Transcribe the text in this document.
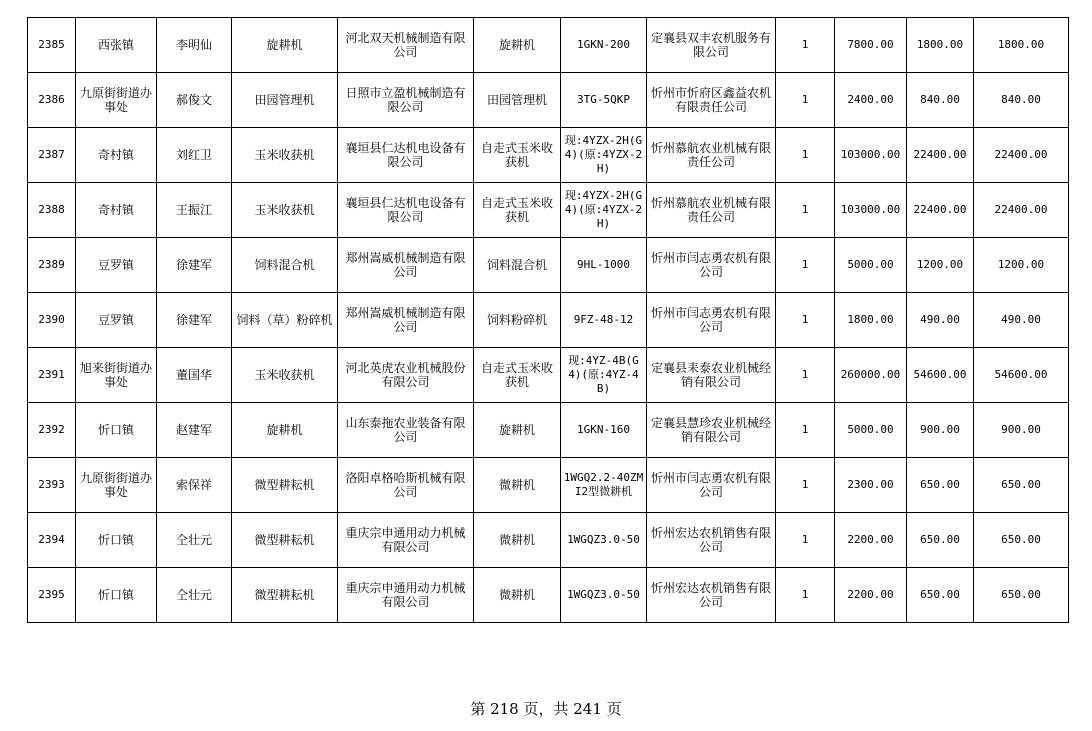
2385	西张镇	李明仙	旋耕机	河北双天机械制造有限公司	旋耕机	1GKN-200	定襄县双丰农机服务有限公司	1	7800.00	1800.00	1800.00
2386	九原街街道办事处	郝俊文	田园管理机	日照市立盈机械制造有限公司	田园管理机	3TG-5QKP	忻州市忻府区鑫益农机有限责任公司	1	2400.00	840.00	840.00
2387	奇村镇	刘红卫	玉米收获机	襄垣县仁达机电设备有限公司	自走式玉米收获机	现:4YZX-2H(G4)(原:4YZX-2H)	忻州慕航农业机械有限责任公司	1	103000.00	22400.00	22400.00
2388	奇村镇	王振江	玉米收获机	襄垣县仁达机电设备有限公司	自走式玉米收获机	现:4YZX-2H(G4)(原:4YZX-2H)	忻州慕航农业机械有限责任公司	1	103000.00	22400.00	22400.00
2389	豆罗镇	徐建军	饲料混合机	郑州嵩威机械制造有限公司	饲料混合机	9HL-1000	忻州市闫志勇农机有限公司	1	5000.00	1200.00	1200.00
2390	豆罗镇	徐建军	饲料（草）粉碎机	郑州嵩威机械制造有限公司	饲料粉碎机	9FZ-48-12	忻州市闫志勇农机有限公司	1	1800.00	490.00	490.00
2391	旭来街街道办事处	董国华	玉米收获机	河北英虎农业机械股份有限公司	自走式玉米收获机	现:4YZ-4B(G4)(原:4YZ-4B)	定襄县耒泰农业机械经销有限公司	1	260000.00	54600.00	54600.00
2392	忻口镇	赵建军	旋耕机	山东泰拖农业装备有限公司	旋耕机	1GKN-160	定襄县慧珍农业机械经销有限公司	1	5000.00	900.00	900.00
2393	九原街街道办事处	索保祥	微型耕耘机	洛阳卓格哈斯机械有限公司	微耕机	1WGQ2.2-40ZMI2型微耕机	忻州市闫志勇农机有限公司	1	2300.00	650.00	650.00
2394	忻口镇	仝壮元	微型耕耘机	重庆宗申通用动力机械有限公司	微耕机	1WGQZ3.0-50	忻州宏达农机销售有限公司	1	2200.00	650.00	650.00
2395	忻口镇	仝壮元	微型耕耘机	重庆宗申通用动力机械有限公司	微耕机	1WGQZ3.0-50	忻州宏达农机销售有限公司	1	2200.00	650.00	650.00
第 218 页，共 241 页
